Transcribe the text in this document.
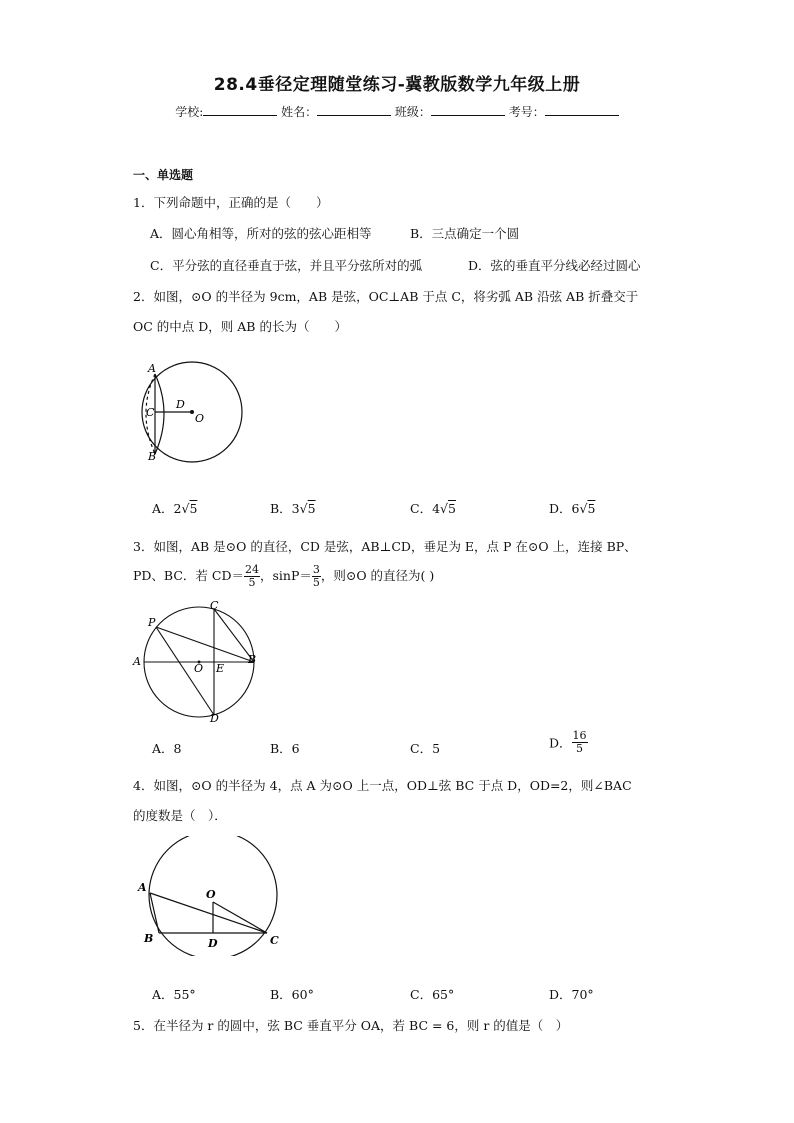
28.4垂径定理随堂练习-冀教版数学九年级上册
学校:	姓名：	班级：	考号：
一、单选题
1．下列命题中，正确的是（　　）
A．圆心角相等，所对的弦的弦心距相等	B．三点确定一个圆
C．平分弦的直径垂直于弦，并且平分弦所对的弧	D．弦的垂直平分线必经过圆心
2．如图，⊙O 的半径为 9cm，AB 是弦，OC⊥AB 于点 C，将劣弧 AB 沿弦 AB 折叠交于
OC 的中点 D，则 AB 的长为（　　）
A
C
D
O
B
A．2√5	B．3√5	C．4√5	D．6√5
3．如图，AB 是⊙O 的直径，CD 是弦，AB⊥CD，垂足为 E，点 P 在⊙O 上，连接 BP、
PD、BC．若 $CD= \frac{24}{5}$ ，$\sin P= \frac{3}{5}$ ，则⊙O 的直径为( )
P
C
A
O E
B
D
A．8	B．6	C．5	D． $\frac{16}{5}$
4．如图，⊙O 的半径为 4，点 A 为⊙O 上一点，OD⊥弦 BC 于点 D，OD=2，则∠BAC
的度数是（　）．
A
O
B	D	C
A．55°	B．60°	C．65°	D．70°
5．在半径为 r 的圆中，弦 BC 垂直平分 OA，若 BC = 6，则 r 的值是（　）
